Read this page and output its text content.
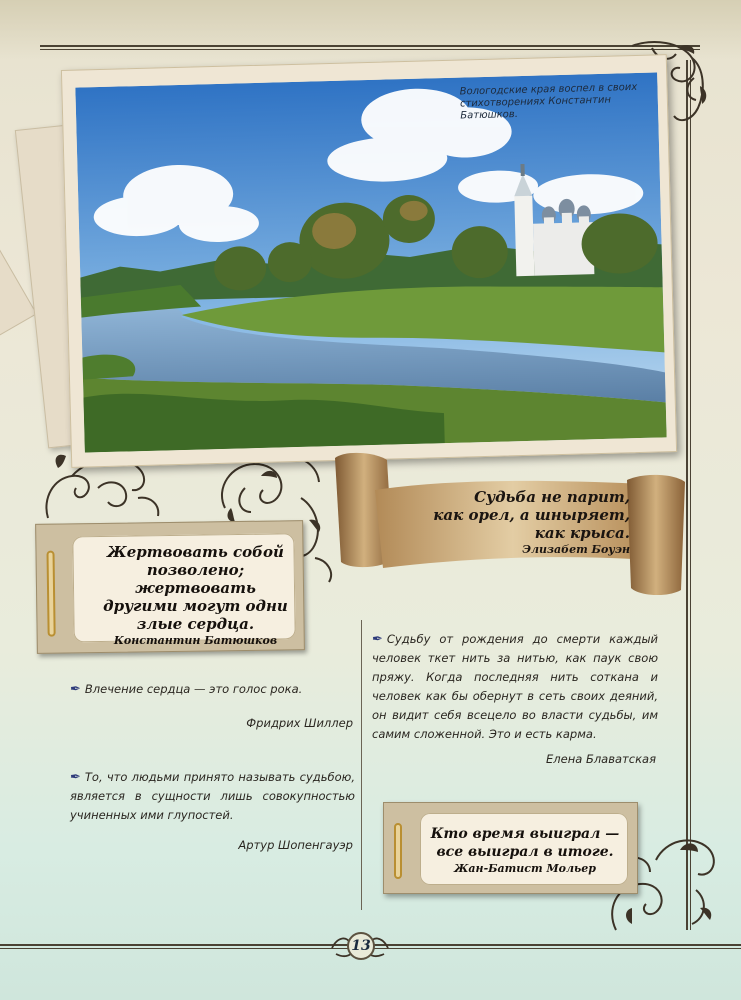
Вологодские края воспел в своих стихотворениях Константин Батюшков.
Судьба не парит,
как орел, а шныряет,
как крыса.
Элизабет Боуэн
Жертвовать собой
позволено; жертвовать
другими могут одни
злые сердца.
Константин Батюшков
Кто время выиграл —
все выиграл в итоге.
Жан-Батист Мольер
✒ Влечение сердца — это голос рока.
Фридрих Шиллер
✒ То, что людьми принято называть судьбою, является в сущности лишь совокупностью учиненных ими глупостей.
Артур Шопенгауэр
✒ Судьбу от рождения до смерти каждый человек ткет нить за нитью, как паук свою пряжу. Когда последняя нить соткана и человек как бы обернут в сеть своих деяний, он видит себя всецело во власти судьбы, им самим сложенной. Это и есть карма.
Елена Блаватская
13
